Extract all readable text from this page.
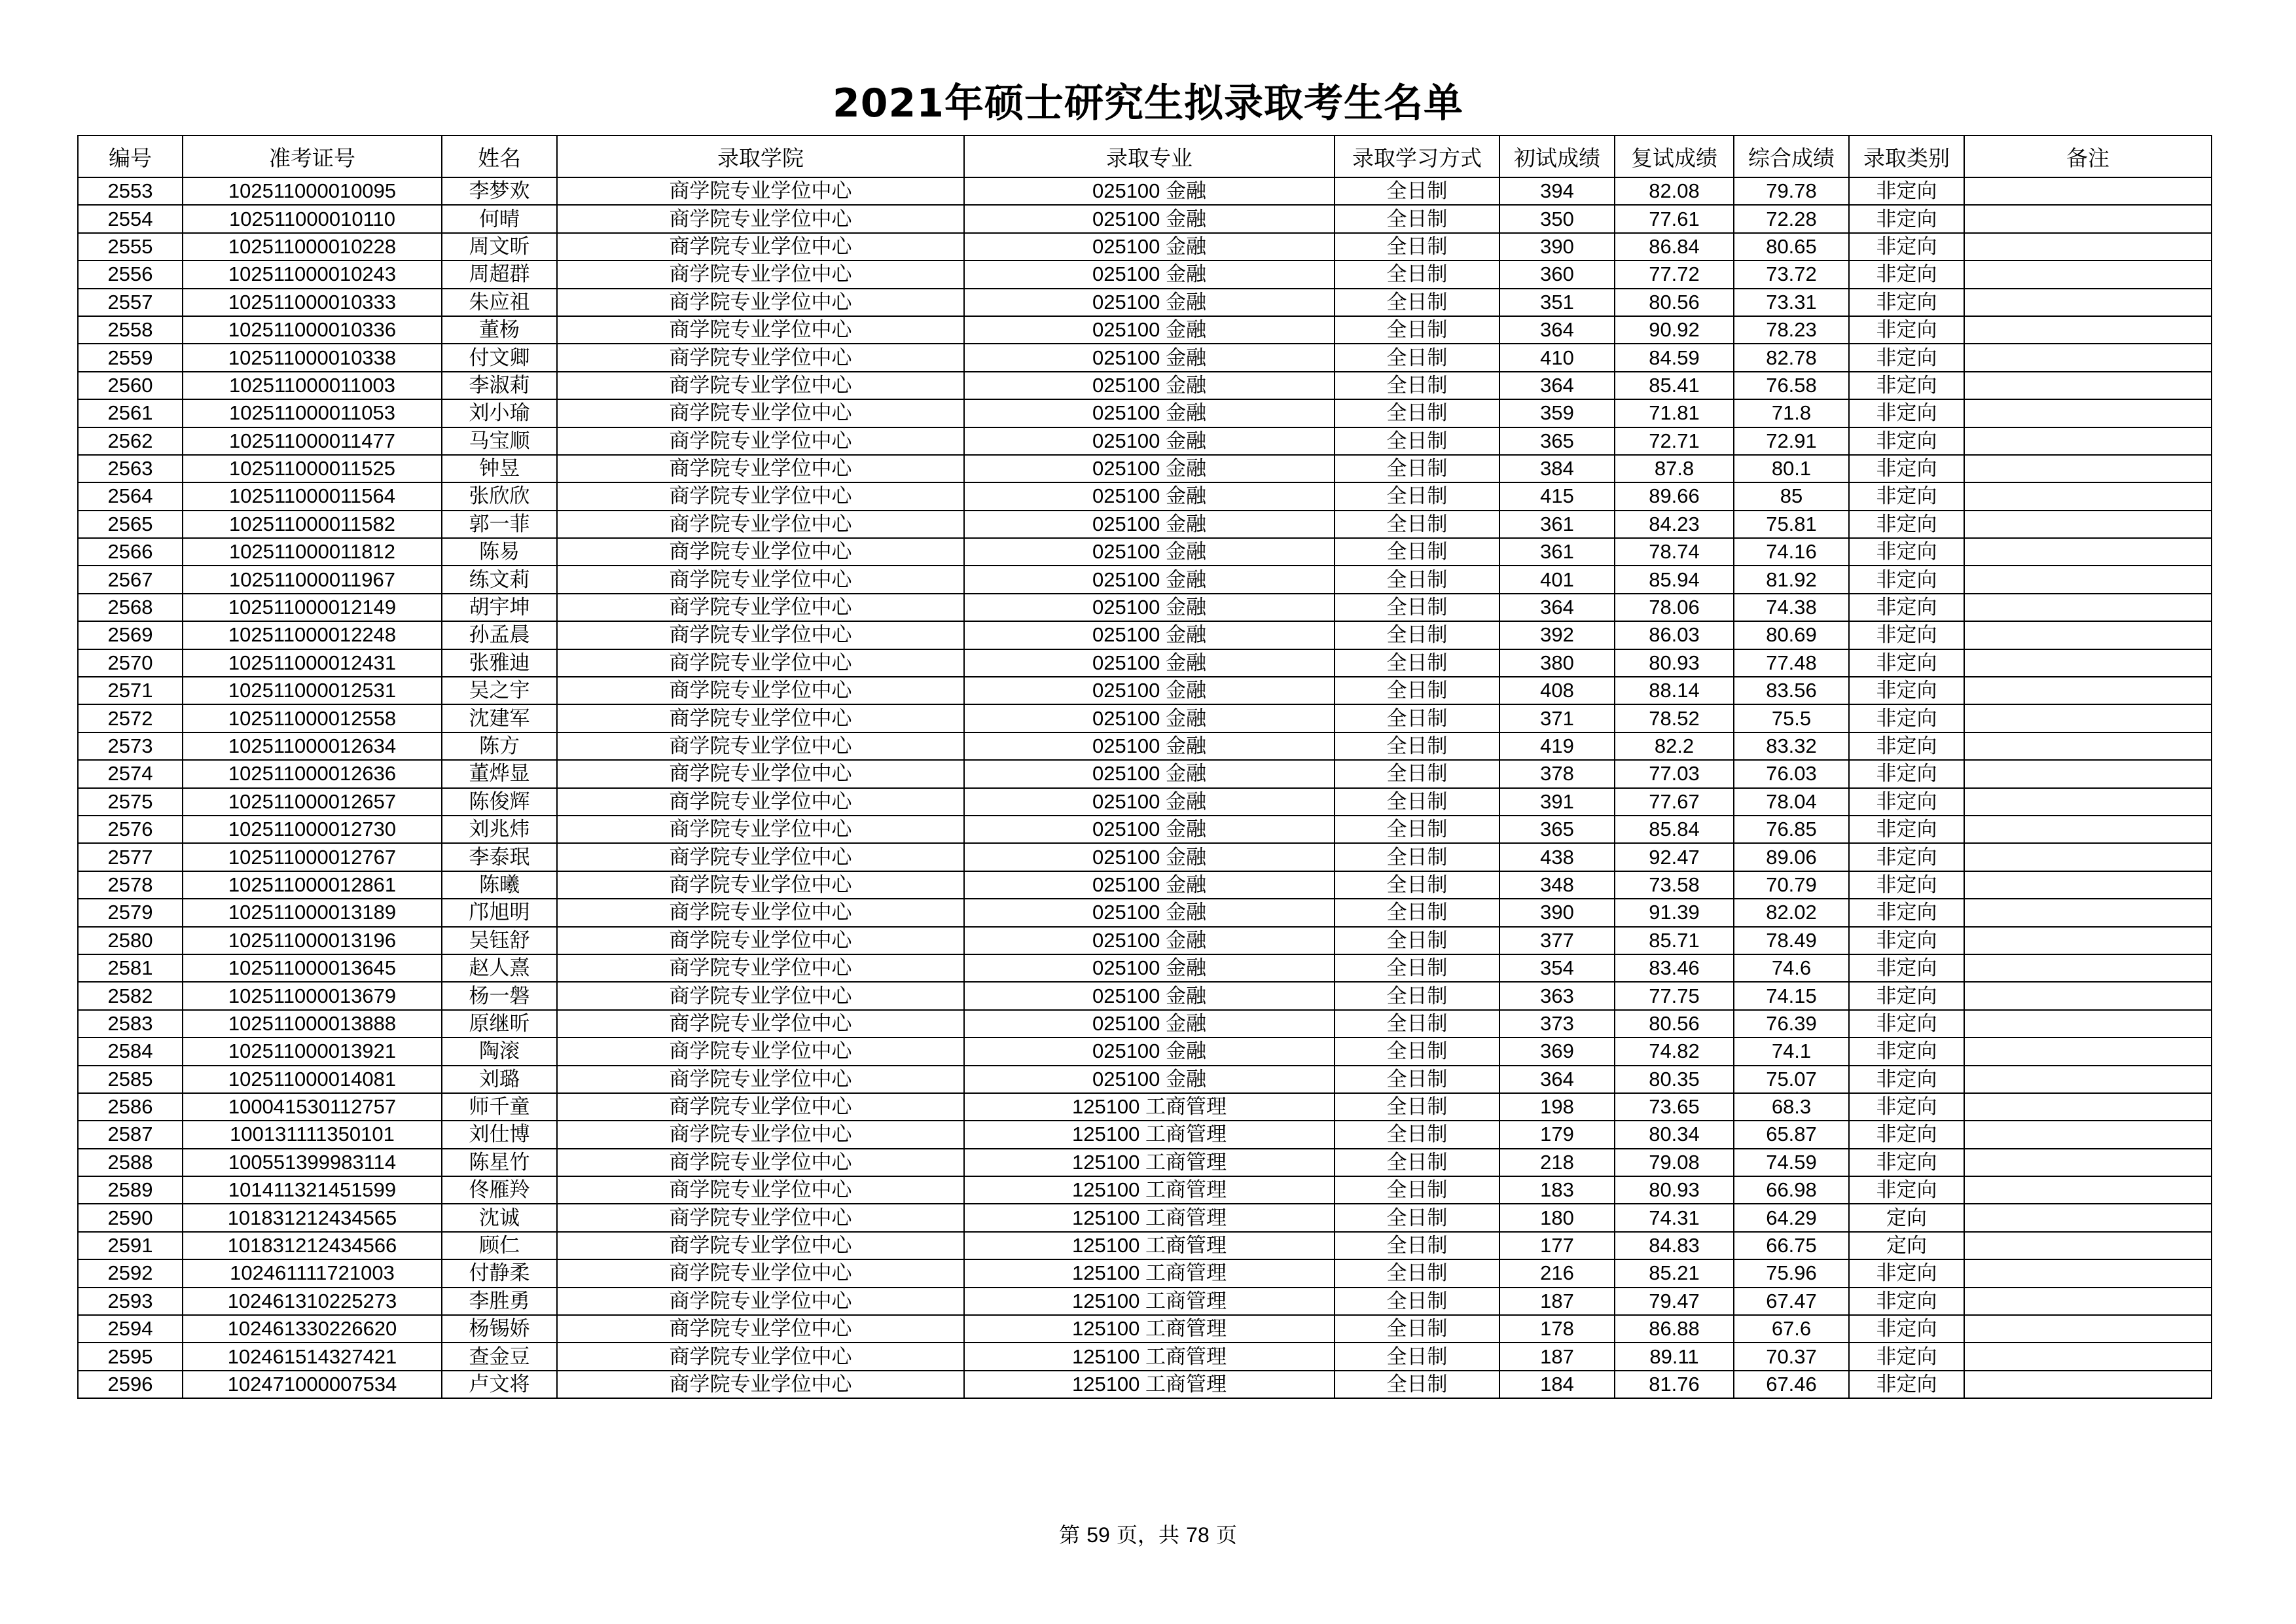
2021年硕士研究生拟录取考生名单
编号	准考证号	姓名	录取学院	录取专业	录取学习方式	初试成绩	复试成绩	综合成绩	录取类别	备注
2553	102511000010095	李梦欢	商学院专业学位中心	025100 金融	全日制	394	82.08	79.78	非定向	
2554	102511000010110	何晴	商学院专业学位中心	025100 金融	全日制	350	77.61	72.28	非定向	
2555	102511000010228	周文昕	商学院专业学位中心	025100 金融	全日制	390	86.84	80.65	非定向	
2556	102511000010243	周超群	商学院专业学位中心	025100 金融	全日制	360	77.72	73.72	非定向	
2557	102511000010333	朱应祖	商学院专业学位中心	025100 金融	全日制	351	80.56	73.31	非定向	
2558	102511000010336	董杨	商学院专业学位中心	025100 金融	全日制	364	90.92	78.23	非定向	
2559	102511000010338	付文卿	商学院专业学位中心	025100 金融	全日制	410	84.59	82.78	非定向	
2560	102511000011003	李淑莉	商学院专业学位中心	025100 金融	全日制	364	85.41	76.58	非定向	
2561	102511000011053	刘小瑜	商学院专业学位中心	025100 金融	全日制	359	71.81	71.8	非定向	
2562	102511000011477	马宝顺	商学院专业学位中心	025100 金融	全日制	365	72.71	72.91	非定向	
2563	102511000011525	钟昱	商学院专业学位中心	025100 金融	全日制	384	87.8	80.1	非定向	
2564	102511000011564	张欣欣	商学院专业学位中心	025100 金融	全日制	415	89.66	85	非定向	
2565	102511000011582	郭一菲	商学院专业学位中心	025100 金融	全日制	361	84.23	75.81	非定向	
2566	102511000011812	陈易	商学院专业学位中心	025100 金融	全日制	361	78.74	74.16	非定向	
2567	102511000011967	练文莉	商学院专业学位中心	025100 金融	全日制	401	85.94	81.92	非定向	
2568	102511000012149	胡宇坤	商学院专业学位中心	025100 金融	全日制	364	78.06	74.38	非定向	
2569	102511000012248	孙孟晨	商学院专业学位中心	025100 金融	全日制	392	86.03	80.69	非定向	
2570	102511000012431	张雅迪	商学院专业学位中心	025100 金融	全日制	380	80.93	77.48	非定向	
2571	102511000012531	吴之宇	商学院专业学位中心	025100 金融	全日制	408	88.14	83.56	非定向	
2572	102511000012558	沈建军	商学院专业学位中心	025100 金融	全日制	371	78.52	75.5	非定向	
2573	102511000012634	陈方	商学院专业学位中心	025100 金融	全日制	419	82.2	83.32	非定向	
2574	102511000012636	董烨显	商学院专业学位中心	025100 金融	全日制	378	77.03	76.03	非定向	
2575	102511000012657	陈俊辉	商学院专业学位中心	025100 金融	全日制	391	77.67	78.04	非定向	
2576	102511000012730	刘兆炜	商学院专业学位中心	025100 金融	全日制	365	85.84	76.85	非定向	
2577	102511000012767	李泰珉	商学院专业学位中心	025100 金融	全日制	438	92.47	89.06	非定向	
2578	102511000012861	陈曦	商学院专业学位中心	025100 金融	全日制	348	73.58	70.79	非定向	
2579	102511000013189	邝旭明	商学院专业学位中心	025100 金融	全日制	390	91.39	82.02	非定向	
2580	102511000013196	吴钰舒	商学院专业学位中心	025100 金融	全日制	377	85.71	78.49	非定向	
2581	102511000013645	赵人熹	商学院专业学位中心	025100 金融	全日制	354	83.46	74.6	非定向	
2582	102511000013679	杨一磐	商学院专业学位中心	025100 金融	全日制	363	77.75	74.15	非定向	
2583	102511000013888	原继昕	商学院专业学位中心	025100 金融	全日制	373	80.56	76.39	非定向	
2584	102511000013921	陶滚	商学院专业学位中心	025100 金融	全日制	369	74.82	74.1	非定向	
2585	102511000014081	刘璐	商学院专业学位中心	025100 金融	全日制	364	80.35	75.07	非定向	
2586	100041530112757	师千童	商学院专业学位中心	125100 工商管理	全日制	198	73.65	68.3	非定向	
2587	100131111350101	刘仕博	商学院专业学位中心	125100 工商管理	全日制	179	80.34	65.87	非定向	
2588	100551399983114	陈星竹	商学院专业学位中心	125100 工商管理	全日制	218	79.08	74.59	非定向	
2589	101411321451599	佟雁羚	商学院专业学位中心	125100 工商管理	全日制	183	80.93	66.98	非定向	
2590	101831212434565	沈诚	商学院专业学位中心	125100 工商管理	全日制	180	74.31	64.29	定向	
2591	101831212434566	顾仁	商学院专业学位中心	125100 工商管理	全日制	177	84.83	66.75	定向	
2592	102461111721003	付静柔	商学院专业学位中心	125100 工商管理	全日制	216	85.21	75.96	非定向	
2593	102461310225273	李胜勇	商学院专业学位中心	125100 工商管理	全日制	187	79.47	67.47	非定向	
2594	102461330226620	杨锡娇	商学院专业学位中心	125100 工商管理	全日制	178	86.88	67.6	非定向	
2595	102461514327421	查金豆	商学院专业学位中心	125100 工商管理	全日制	187	89.11	70.37	非定向	
2596	102471000007534	卢文将	商学院专业学位中心	125100 工商管理	全日制	184	81.76	67.46	非定向	
第 59 页，共 78 页
